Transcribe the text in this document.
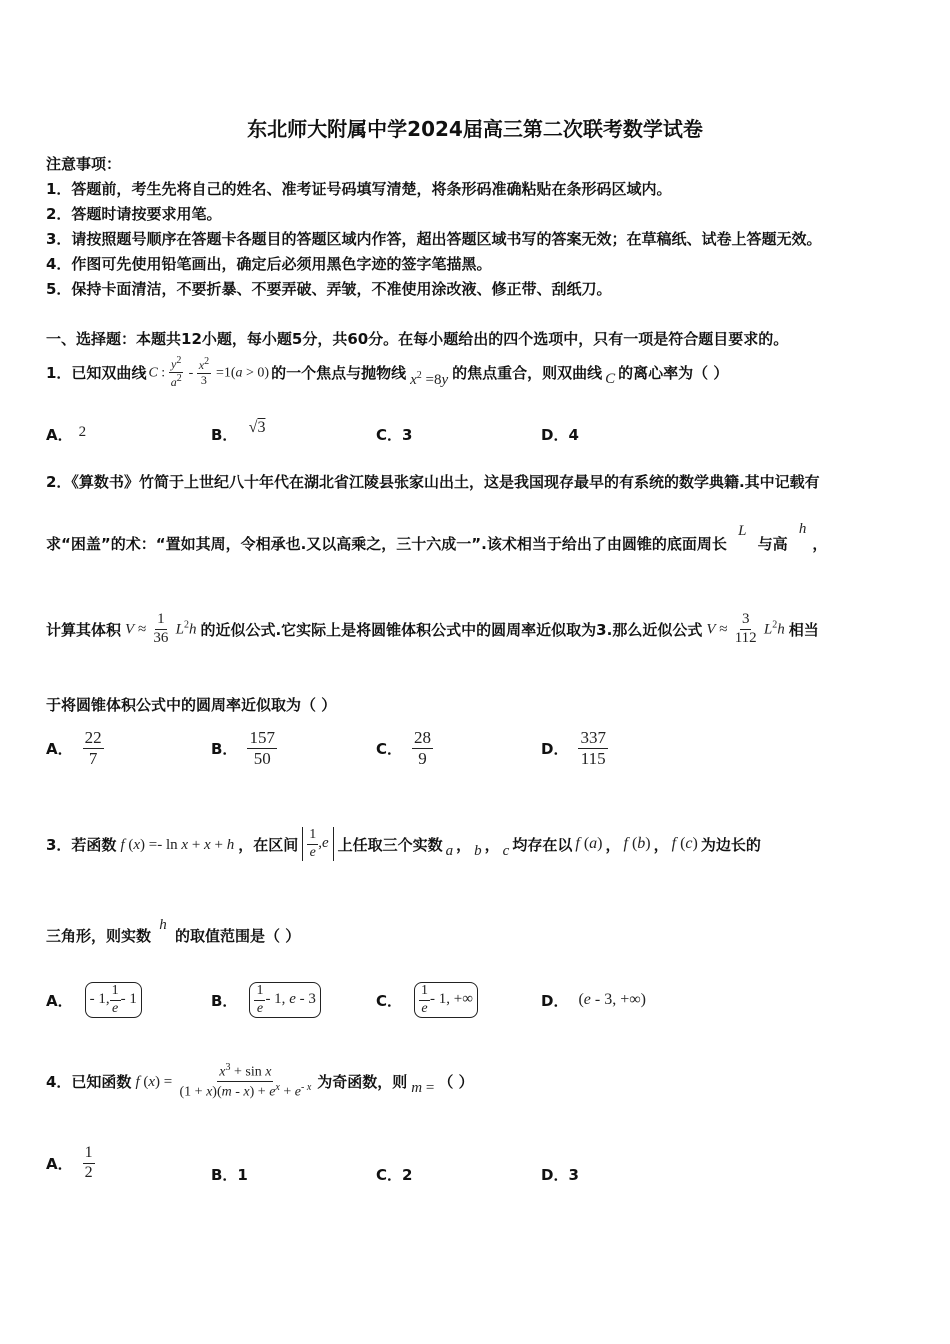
东北师大附属中学2024届高三第二次联考数学试卷
注意事项：
1．答题前，考生先将自己的姓名、准考证号码填写清楚，将条形码准确粘贴在条形码区域内。
2．答题时请按要求用笔。
3．请按照题号顺序在答题卡各题目的答题区域内作答，超出答题区域书写的答案无效；在草稿纸、试卷上答题无效。
4．作图可先使用铅笔画出，确定后必须用黑色字迹的签字笔描黑。
5．保持卡面清洁，不要折暴、不要弄破、弄皱，不准使用涂改液、修正带、刮纸刀。
一、选择题：本题共12小题，每小题5分，共60分。在每小题给出的四个选项中，只有一项是符合题目要求的。
1．已知双曲线 C : $\frac{y^2}{a^2} - \frac{x^2}{3} =1(a > 0)$ 的一个焦点与抛物线 $x^2 =8y$ 的焦点重合，则双曲线 C 的离心率为（ ）
A． 2	B． √3	C．3	D．4
2．《算数书》竹简于上世纪八十年代在湖北省江陵县张家山出土，这是我国现存最早的有系统的数学典籍.其中记载有
求“困盖”的术：“置如其周，令相承也.又以高乘之，三十六成一”.该术相当于给出了由圆锥的底面周长 L 与高 h，
计算其体积 $V \approx \frac{1}{36} L^2h$ 的近似公式.它实际上是将圆锥体积公式中的圆周率近似取为3.那么近似公式 $V \approx \frac{3}{112} L^2h$ 相当
于将圆锥体积公式中的圆周率近似取为（ ）
A． $\frac{22}{7}$	B． $\frac{157}{50}$	C． $\frac{28}{9}$	D． $\frac{337}{115}$
3．若函数 f (x) =- ln x + x + h ，在区间 $\frac{1}{e} ,e$ 上任取三个实数 a ， b ， c 均存在以 f (a) ， f (b) ， f (c) 为边长的
三角形，则实数 h 的取值范围是（ ）
A．	- 1, $\frac{1}{e} - 1$	B． $\frac{1}{e} - 1$, e - 3	C． $\frac{1}{e} - 1$, +∞	D． (e - 3, +∞)
4．已知函数 f $(x) = \frac{x^3 + \sin x}{(1 + x)(m - x) + e^x + e^{- x}}$ 为奇函数，则 m = （ ）
A． $\frac{1}{2}$	B．1	C．2	D．3
